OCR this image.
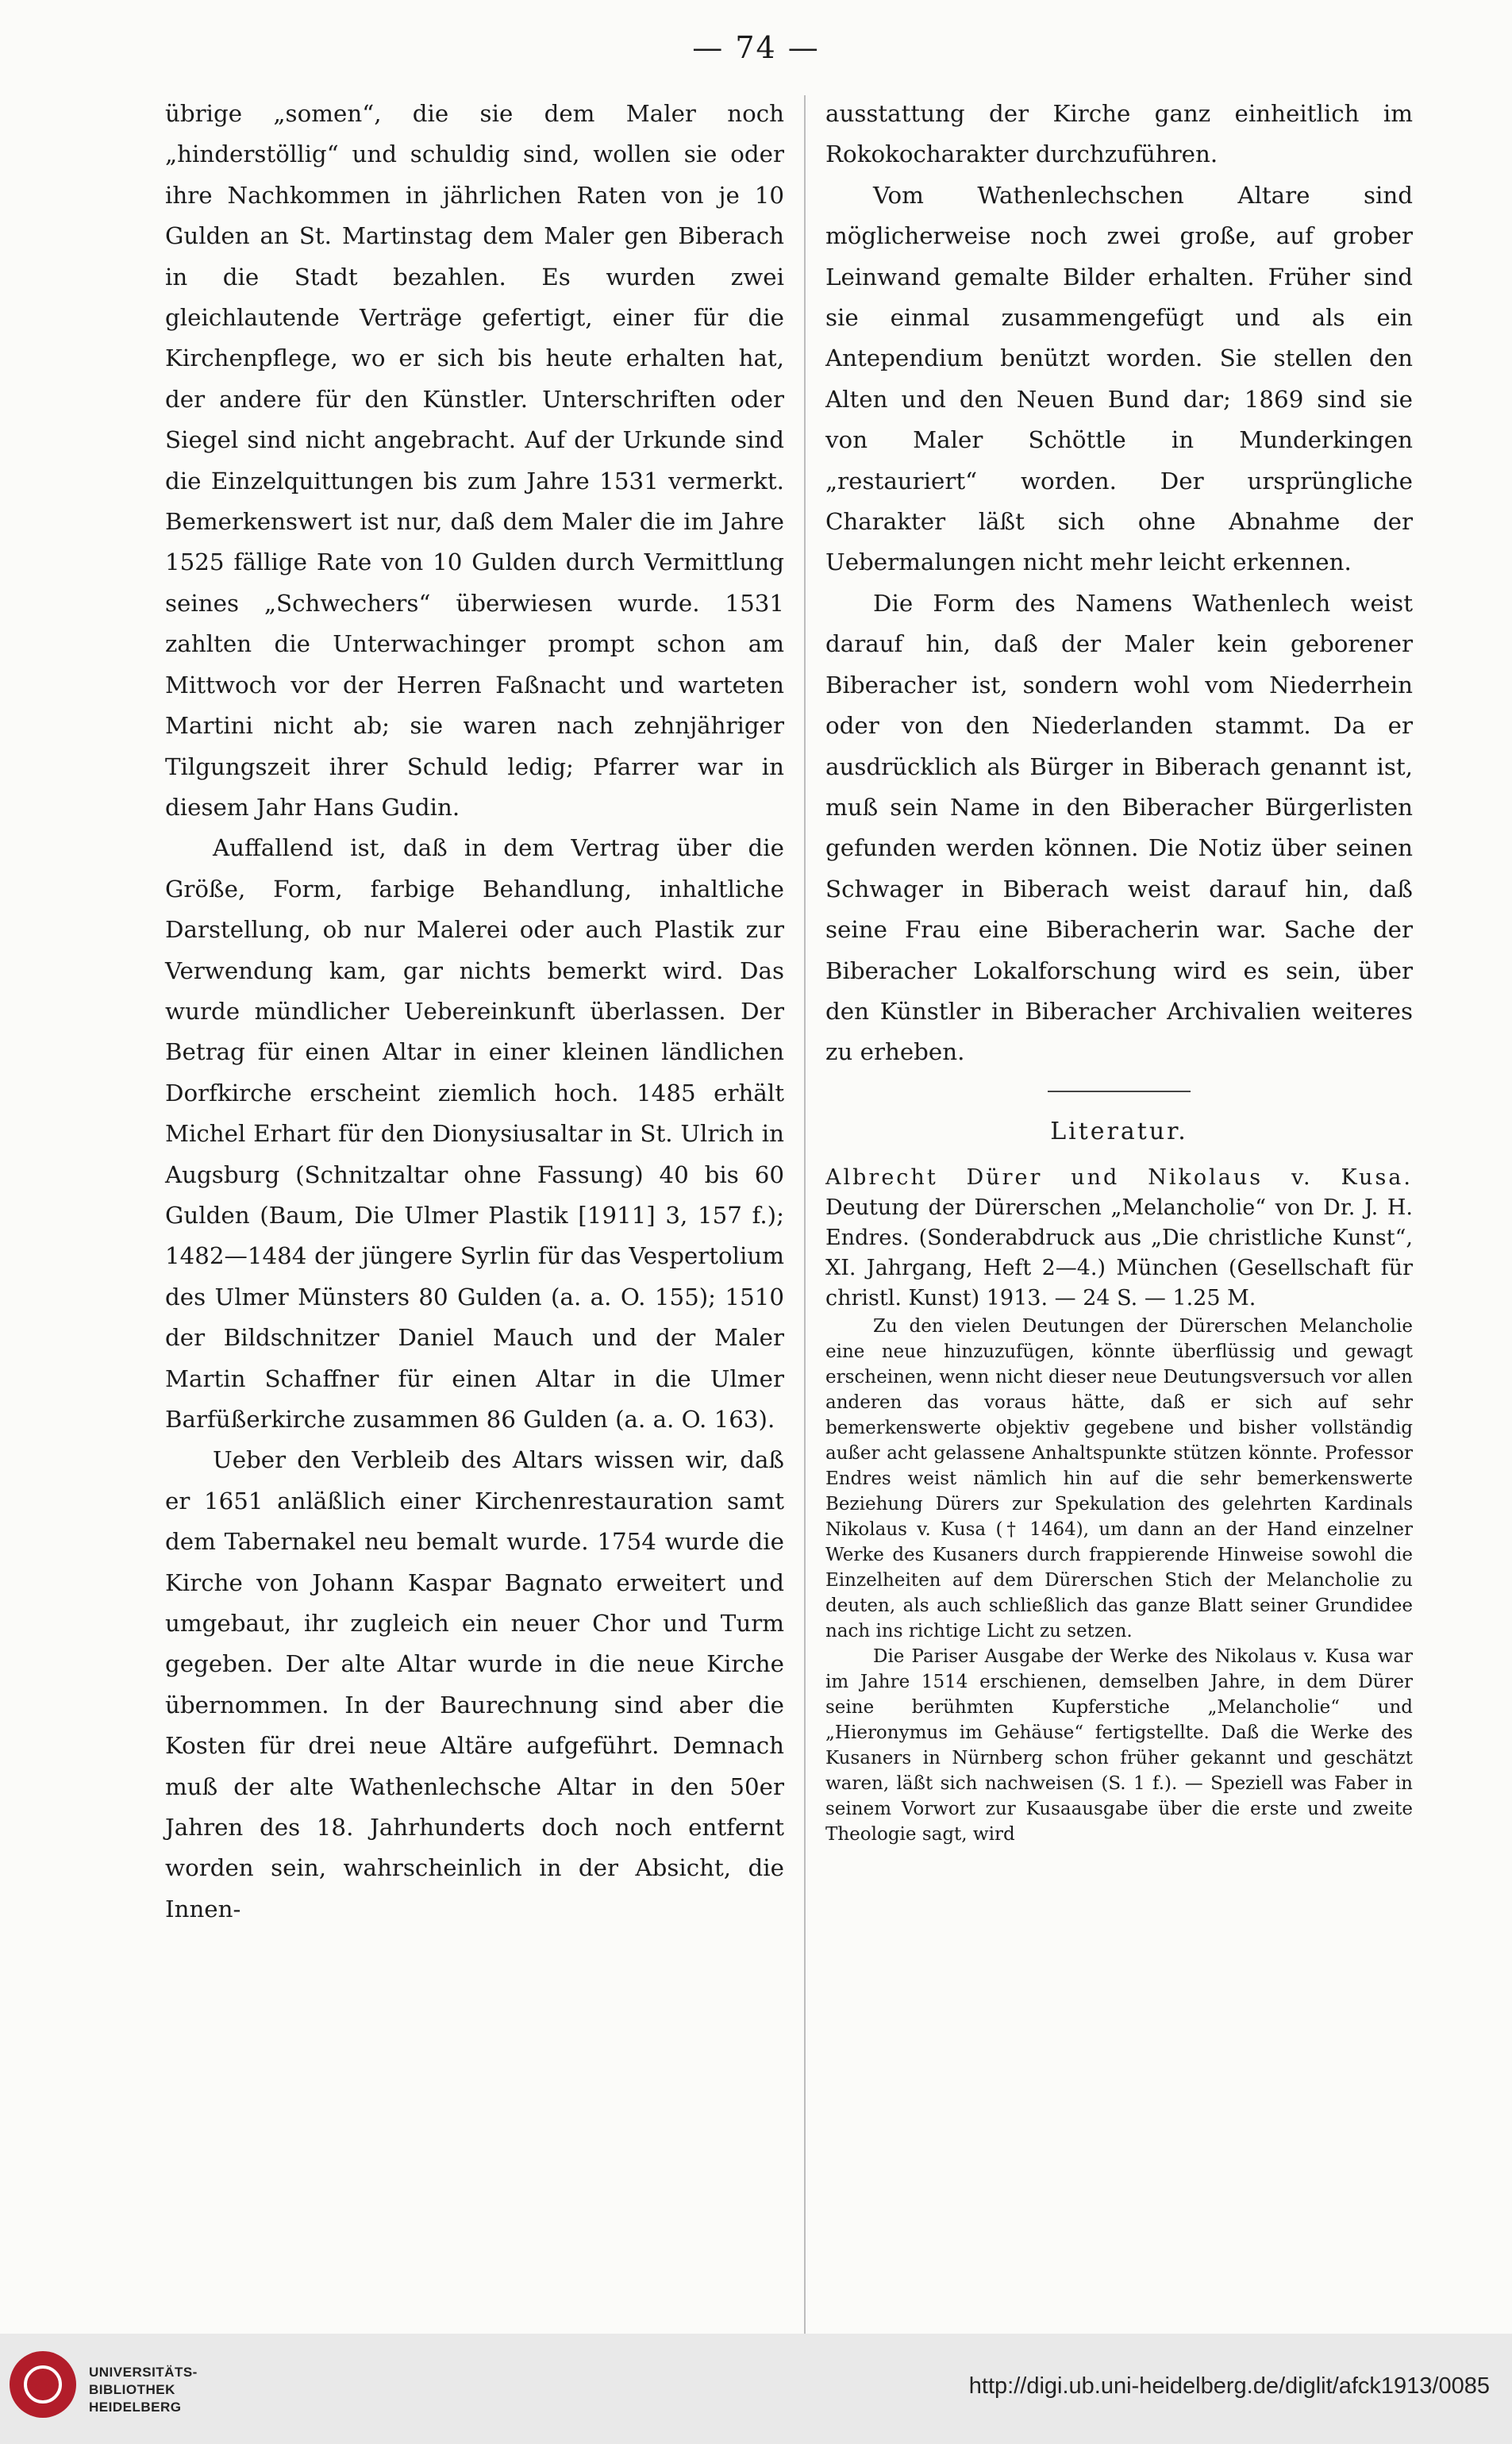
— 74 —

übrige „somen“, die sie dem Maler noch „hinderstöllig“ und schuldig sind, wollen sie oder ihre Nachkommen in jährlichen Raten von je 10 Gulden an St. Martinstag dem Maler gen Biberach in die Stadt bezahlen. Es wurden zwei gleichlautende Verträge gefertigt, einer für die Kirchenpflege, wo er sich bis heute erhalten hat, der andere für den Künstler. Unterschriften oder Siegel sind nicht angebracht. Auf der Urkunde sind die Einzelquittungen bis zum Jahre 1531 vermerkt. Bemerkenswert ist nur, daß dem Maler die im Jahre 1525 fällige Rate von 10 Gulden durch Vermittlung seines „Schwechers“ überwiesen wurde. 1531 zahlten die Unterwachinger prompt schon am Mittwoch vor der Herren Faßnacht und warteten Martini nicht ab; sie waren nach zehnjähriger Tilgungszeit ihrer Schuld ledig; Pfarrer war in diesem Jahr Hans Gudin.

Auffallend ist, daß in dem Vertrag über die Größe, Form, farbige Behandlung, inhaltliche Darstellung, ob nur Malerei oder auch Plastik zur Verwendung kam, gar nichts bemerkt wird. Das wurde mündlicher Uebereinkunft überlassen. Der Betrag für einen Altar in einer kleinen ländlichen Dorfkirche erscheint ziemlich hoch. 1485 erhält Michel Erhart für den Dionysiusaltar in St. Ulrich in Augsburg (Schnitzaltar ohne Fassung) 40 bis 60 Gulden (Baum, Die Ulmer Plastik [1911] 3, 157 f.); 1482—1484 der jüngere Syrlin für das Vespertolium des Ulmer Münsters 80 Gulden (a. a. O. 155); 1510 der Bildschnitzer Daniel Mauch und der Maler Martin Schaffner für einen Altar in die Ulmer Barfüßerkirche zusammen 86 Gulden (a. a. O. 163).

Ueber den Verbleib des Altars wissen wir, daß er 1651 anläßlich einer Kirchenrestauration samt dem Tabernakel neu bemalt wurde. 1754 wurde die Kirche von Johann Kaspar Bagnato erweitert und umgebaut, ihr zugleich ein neuer Chor und Turm gegeben. Der alte Altar wurde in die neue Kirche übernommen. In der Baurechnung sind aber die Kosten für drei neue Altäre aufgeführt. Demnach muß der alte Wathenlechsche Altar in den 50er Jahren des 18. Jahrhunderts doch noch entfernt worden sein, wahrscheinlich in der Absicht, die Innen-

ausstattung der Kirche ganz einheitlich im Rokokocharakter durchzuführen.

Vom Wathenlechschen Altare sind möglicherweise noch zwei große, auf grober Leinwand gemalte Bilder erhalten. Früher sind sie einmal zusammengefügt und als ein Antependium benützt worden. Sie stellen den Alten und den Neuen Bund dar; 1869 sind sie von Maler Schöttle in Munderkingen „restauriert“ worden. Der ursprüngliche Charakter läßt sich ohne Abnahme der Uebermalungen nicht mehr leicht erkennen.

Die Form des Namens Wathenlech weist darauf hin, daß der Maler kein geborener Biberacher ist, sondern wohl vom Niederrhein oder von den Niederlanden stammt. Da er ausdrücklich als Bürger in Biberach genannt ist, muß sein Name in den Biberacher Bürgerlisten gefunden werden können. Die Notiz über seinen Schwager in Biberach weist darauf hin, daß seine Frau eine Biberacherin war. Sache der Biberacher Lokalforschung wird es sein, über den Künstler in Biberacher Archivalien weiteres zu erheben.

Literatur.

Albrecht Dürer und Nikolaus v. Kusa. Deutung der Dürerschen „Melancholie“ von Dr. J. H. Endres. (Sonderabdruck aus „Die christliche Kunst“, XI. Jahrgang, Heft 2—4.) München (Gesellschaft für christl. Kunst) 1913. — 24 S. — 1.25 M.

Zu den vielen Deutungen der Dürerschen Melancholie eine neue hinzuzufügen, könnte überflüssig und gewagt erscheinen, wenn nicht dieser neue Deutungsversuch vor allen anderen das voraus hätte, daß er sich auf sehr bemerkenswerte objektiv gegebene und bisher vollständig außer acht gelassene Anhaltspunkte stützen könnte. Professor Endres weist nämlich hin auf die sehr bemerkenswerte Beziehung Dürers zur Spekulation des gelehrten Kardinals Nikolaus v. Kusa († 1464), um dann an der Hand einzelner Werke des Kusaners durch frappierende Hinweise sowohl die Einzelheiten auf dem Dürerschen Stich der Melancholie zu deuten, als auch schließlich das ganze Blatt seiner Grundidee nach ins richtige Licht zu setzen.

Die Pariser Ausgabe der Werke des Nikolaus v. Kusa war im Jahre 1514 erschienen, demselben Jahre, in dem Dürer seine berühmten Kupferstiche „Melancholie“ und „Hieronymus im Gehäuse“ fertigstellte. Daß die Werke des Kusaners in Nürnberg schon früher gekannt und geschätzt waren, läßt sich nachweisen (S. 1 f.). — Speziell was Faber in seinem Vorwort zur Kusaausgabe über die erste und zweite Theologie sagt, wird

UNIVERSITÄTS-
BIBLIOTHEK
HEIDELBERG
http://digi.ub.uni-heidelberg.de/diglit/afck1913/0085
